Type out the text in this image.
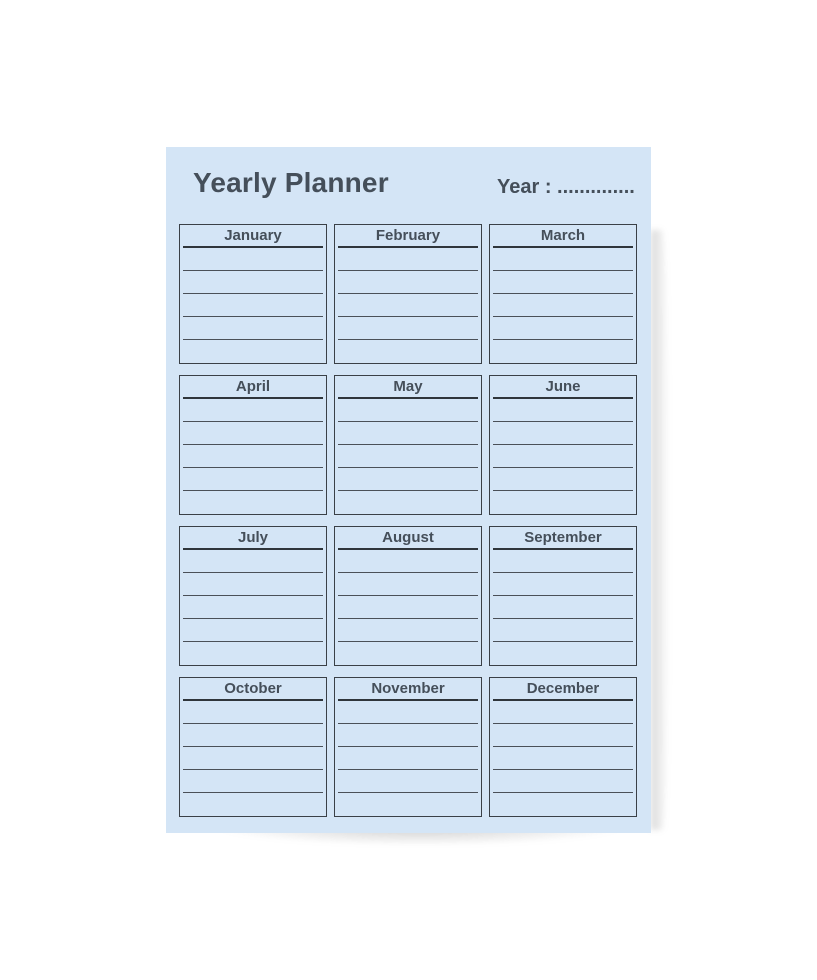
Yearly Planner	Year : ..............
January	February	March
April	May	June
July	August	September
October	November	December
